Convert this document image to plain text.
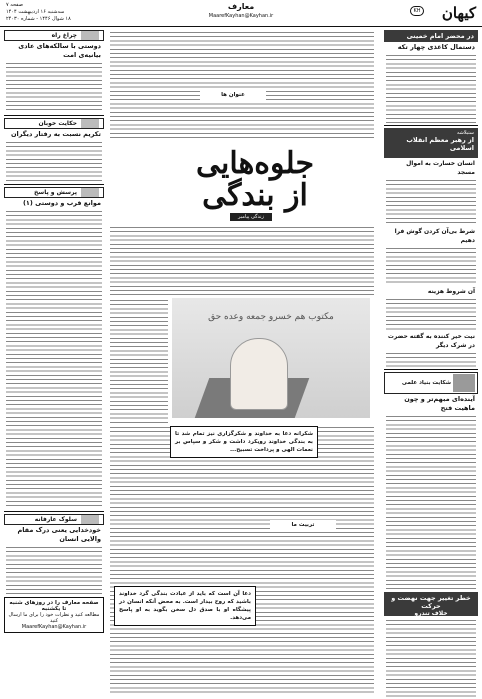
کیهان
KH
معارف
MaarefKayhan@Kayhan.ir
صفحه ۷
سه‌شنبه ۱۶ اردیبهشت ۱۴۰۴
۱۸ شوال ۱۴۴۶ - شماره ۲۴۰۳۰
در محضر امام خمینی
دستمال کاغذی چهار تکه
ستبلاشه
از رهبر معظم انقلاب اسلامی
انسان خسارت به اموال مسجد
شرط بی‌آن کردن گوش فرا دهیم
آن شروط هزینه
نیت خیر کننده به گفته حضرت در شرک دیگر
شکایت بنیاد علمی
آینده‌ای مبهم‌تر و چون ماهیت فتح
خطر تغییر جهت نهضت و حرکت
خلاف تندرو
عنوان ها
جلوه‌هایی از بندگی
زندگی پیامبر
مکتوب هم خسرو جمعه وعده حق
شکرانه دعا به خداوند و شکرگزاری نیز تمام شد تا به بندگی خداوند رویکرد داشت و شکر و سپاس بر نعمات الهی و پرداخت تسبیح...
تربیت ما
دعا آن است که باید از عبادت بندگی گرد خداوند باشید که روح بیدار است. به محض آنکه انسان در پیشگاه او با صدق دل سخن بگوید به او پاسخ می‌دهد.
چراغ راه
دوستی با سالکه‌های عادی بیانیه‌ی امت
حکایت خوبان
تکریم نسبت به رفتار دیگران
پرسش و پاسخ
موانع قرب و دوستی (۱)
سلوک عارفانه
خودخدایی یعنی درک مقام والایی انسان
صفحه معارف را در روزهای شنبه تا یکشنبه
مطالعه کنید و نظرات خود را برای ما ارسال کنید
MaarefKayhan@Kayhan.ir
